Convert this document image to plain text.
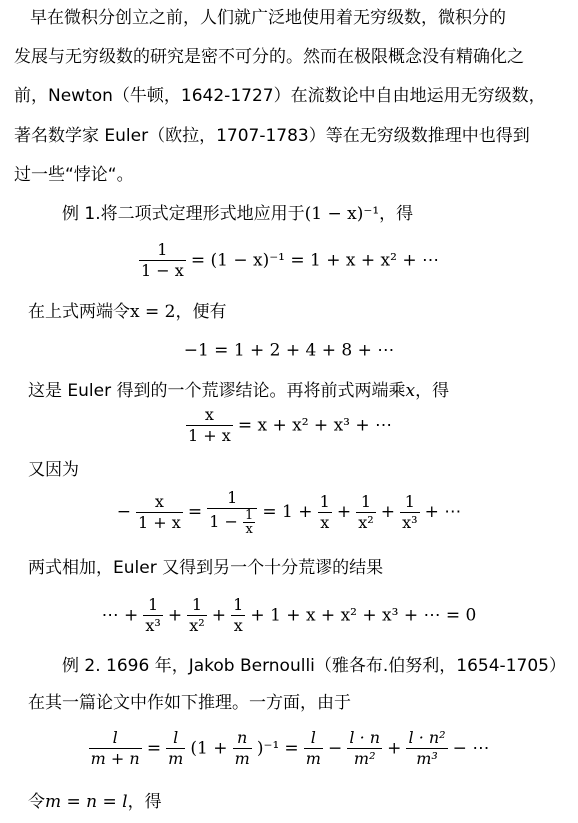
早在微积分创立之前，人们就广泛地使用着无穷级数，微积分的
发展与无穷级数的研究是密不可分的。然而在极限概念没有精确化之
前，Newton（牛顿，1642-1727）在流数论中自由地运用无穷级数，
著名数学家 Euler（欧拉，1707-1783）等在无穷级数推理中也得到
过一些“悖论“。
例 1.将二项式定理形式地应用于(1 − x)⁻¹，得
$\frac{1}{1 - x} = (1 - x)^{-1} = 1 + x + x^2$ + ⋯
在上式两端令x = 2，便有
−1 = 1 + 2 + 4 + 8 + ⋯
这是 Euler 得到的一个荒谬结论。再将前式两端乘x，得
$\frac{x}{1 + x} = x + x^2 + x^3$ + ⋯
又因为
− $\frac{x}{1 + x} = \frac{1}{1 - \frac{1}{x}} = 1 + \frac{1}{x} + \frac{1}{\text{x²}} + \frac{1}{\text{x³}}$ + ⋯
两式相加，Euler 又得到另一个十分荒谬的结果
⋯ + $\frac{1}{\text{x³}} + \frac{1}{\text{x²}} + \frac{1}{x} + 1 + x + x^2 + x^3$ + ⋯ = 0
例 2. 1696 年，Jakob Bernoulli（雅各布.伯努利，1654-1705）
在其一篇论文中作如下推理。一方面，由于
$\frac{l}{m + n} = \frac{l}{m} (1 + \frac{n}{m} )^{-1} = \frac{l}{m} - \frac{l \cdot n}{\text{m²}} + \frac{\text{l · n²}}{\text{m³}}$ − ⋯
令m = n = l，得
